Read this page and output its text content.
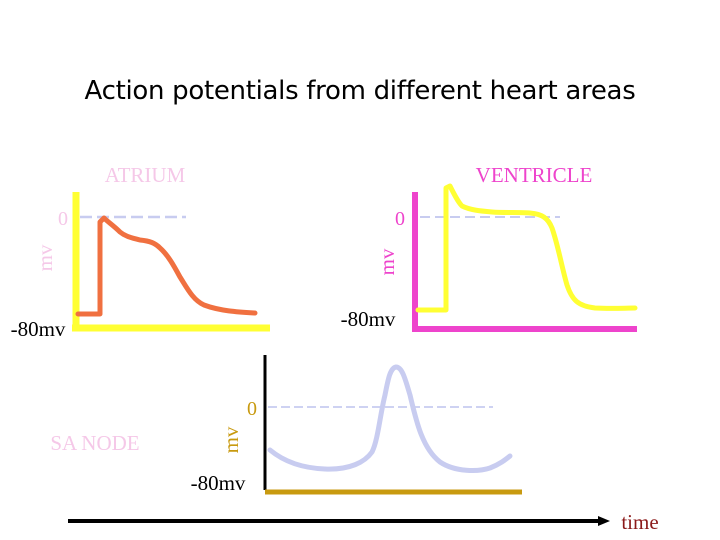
Action potentials from different heart areas
ATRIUM
0
mv
-80mv
VENTRICLE
0
mv
-80mv
SA NODE
0
mv
-80mv
time
